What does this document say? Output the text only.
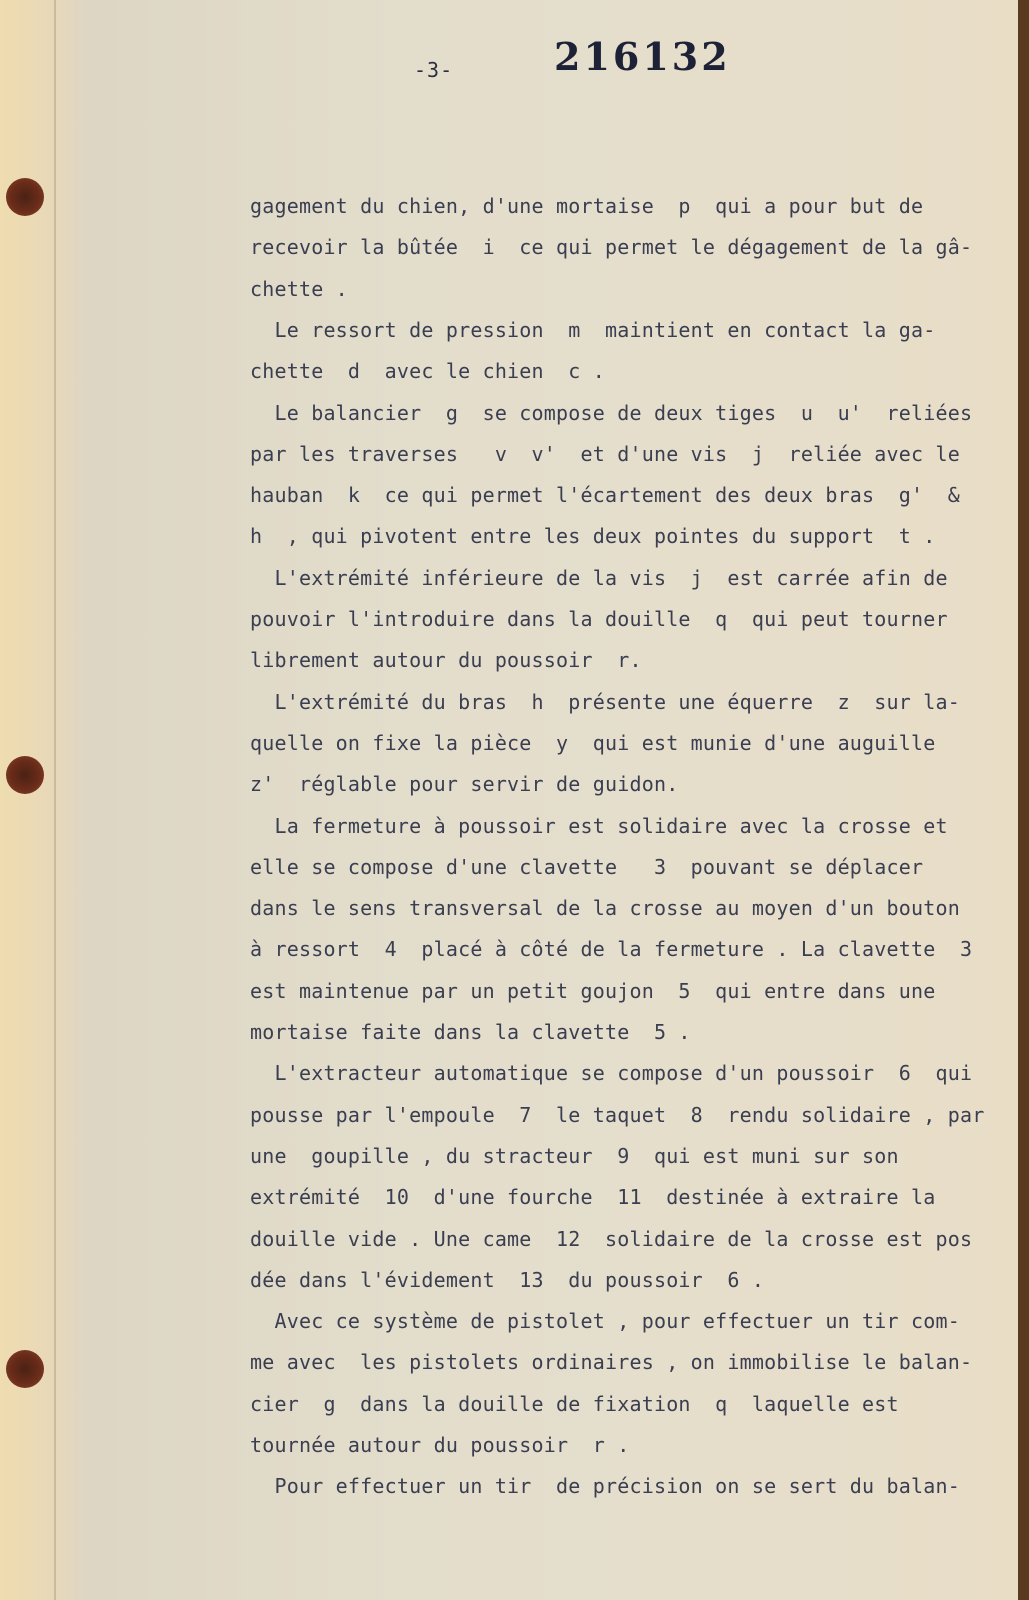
-3-	216132
gagement du chien, d'une mortaise  p  qui a pour but de
recevoir la bûtée  i  ce qui permet le dégagement de la gâ-
chette .
Le ressort de pression  m  maintient en contact la ga-
chette  d  avec le chien  c .
Le balancier  g  se compose de deux tiges  u  u'  reliées
par les traverses   v  v'  et d'une vis  j  reliée avec le
hauban  k  ce qui permet l'écartement des deux bras  g'  &
h  , qui pivotent entre les deux pointes du support  t .
L'extrémité inférieure de la vis  j  est carrée afin de
pouvoir l'introduire dans la douille  q  qui peut tourner
librement autour du poussoir  r.
L'extrémité du bras  h  présente une équerre  z  sur la-
quelle on fixe la pièce  y  qui est munie d'une auguille
z'  réglable pour servir de guidon.
La fermeture à poussoir est solidaire avec la crosse et
elle se compose d'une clavette   3  pouvant se déplacer
dans le sens transversal de la crosse au moyen d'un bouton
à ressort  4  placé à côté de la fermeture . La clavette  3
est maintenue par un petit goujon  5  qui entre dans une
mortaise faite dans la clavette  5 .
L'extracteur automatique se compose d'un poussoir  6  qui
pousse par l'empoule  7  le taquet  8  rendu solidaire , par
une  goupille , du stracteur  9  qui est muni sur son
extrémité  10  d'une fourche  11  destinée à extraire la
douille vide . Une came  12  solidaire de la crosse est pos
dée dans l'évidement  13  du poussoir  6 .
Avec ce système de pistolet , pour effectuer un tir com-
me avec  les pistolets ordinaires , on immobilise le balan-
cier  g  dans la douille de fixation  q  laquelle est
tournée autour du poussoir  r .
Pour effectuer un tir  de précision on se sert du balan-
